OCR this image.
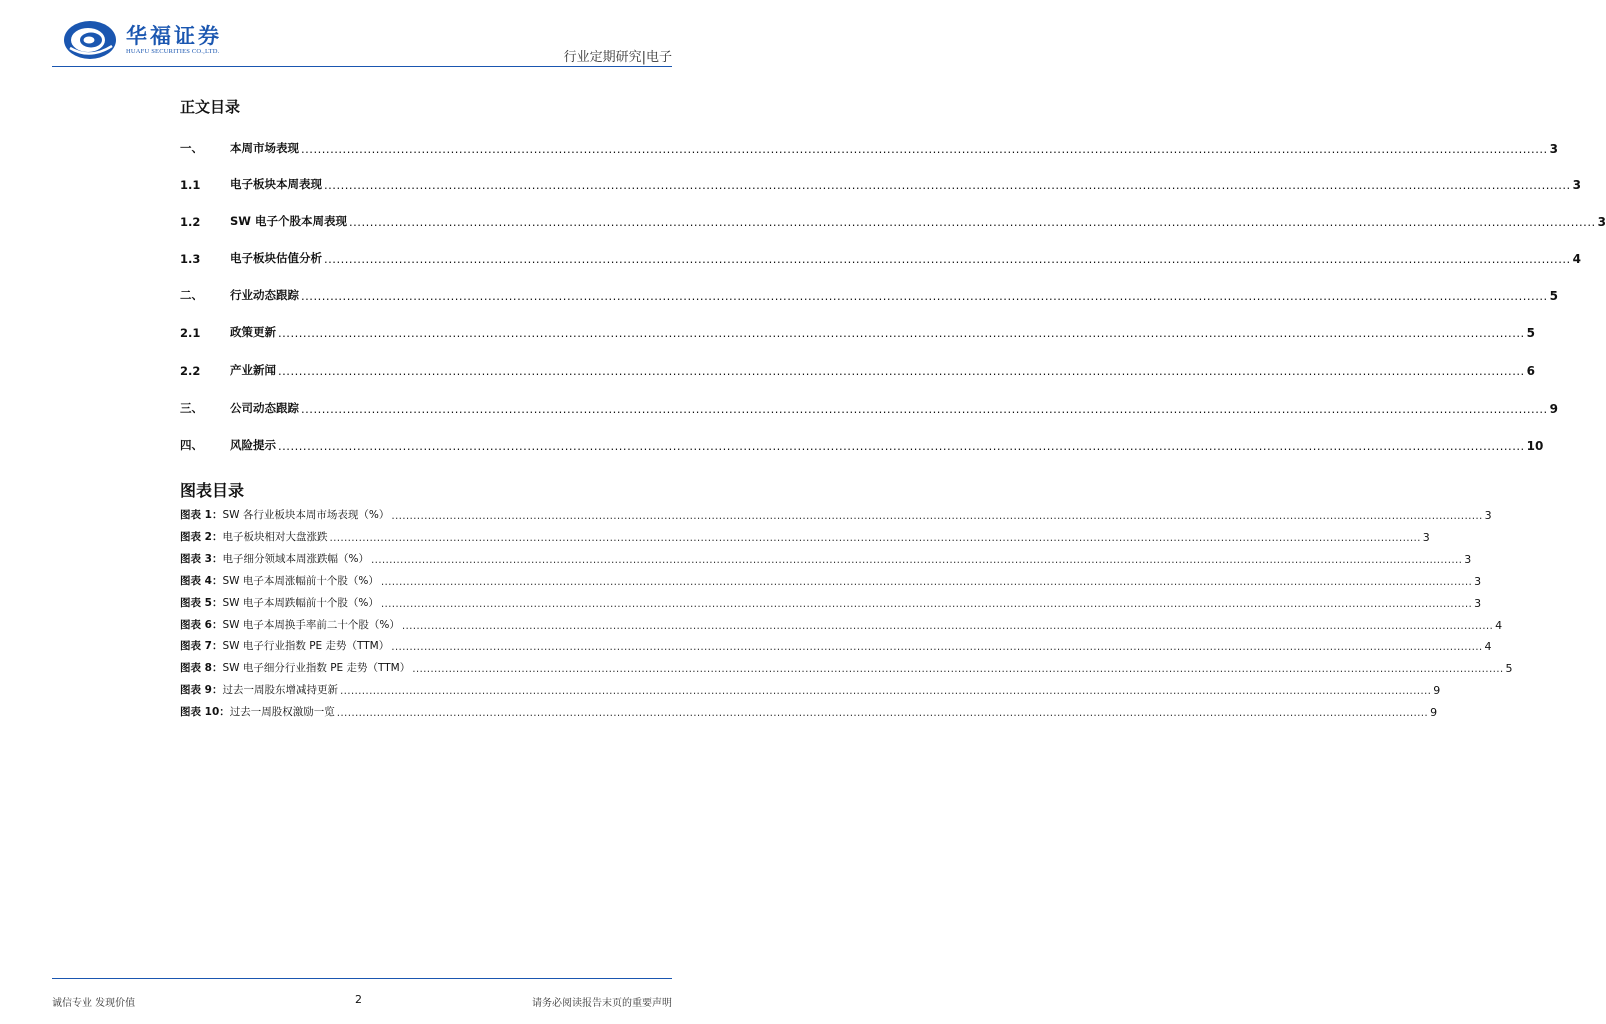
华福证券
HUAFU SECURITIES CO.,LTD.	行业定期研究|电子
正文目录
一、	本周市场表现 ............................................................................................................................................................................................................................................................................................................ 3
1.1	电子板块本周表现 ............................................................................................................................................................................................................................................................................................................ 3
1.2	SW 电子个股本周表现 ............................................................................................................................................................................................................................................................................................................ 3
1.3	电子板块估值分析 ............................................................................................................................................................................................................................................................................................................ 4
二、	行业动态跟踪 ............................................................................................................................................................................................................................................................................................................ 5
2.1	政策更新 ............................................................................................................................................................................................................................................................................................................ 5
2.2	产业新闻 ............................................................................................................................................................................................................................................................................................................ 6
三、	公司动态跟踪 ............................................................................................................................................................................................................................................................................................................ 9
四、	风险提示 ............................................................................................................................................................................................................................................................................................................ 10
图表目录
图表 1：SW 各行业板块本周市场表现（%） ............................................................................................................................................................................................................................................................................................................ 3
图表 2：电子板块相对大盘涨跌 ............................................................................................................................................................................................................................................................................................................ 3
图表 3：电子细分领域本周涨跌幅（%） ............................................................................................................................................................................................................................................................................................................ 3
图表 4：SW 电子本周涨幅前十个股（%） ............................................................................................................................................................................................................................................................................................................ 3
图表 5：SW 电子本周跌幅前十个股（%） ............................................................................................................................................................................................................................................................................................................ 3
图表 6：SW 电子本周换手率前二十个股（%） ............................................................................................................................................................................................................................................................................................................ 4
图表 7：SW 电子行业指数 PE 走势（TTM） ............................................................................................................................................................................................................................................................................................................ 4
图表 8：SW 电子细分行业指数 PE 走势（TTM） ............................................................................................................................................................................................................................................................................................................ 5
图表 9：过去一周股东增减持更新 ............................................................................................................................................................................................................................................................................................................ 9
图表 10：过去一周股权激励一览 ............................................................................................................................................................................................................................................................................................................ 9
诚信专业 发现价值	2	请务必阅读报告末页的重要声明
